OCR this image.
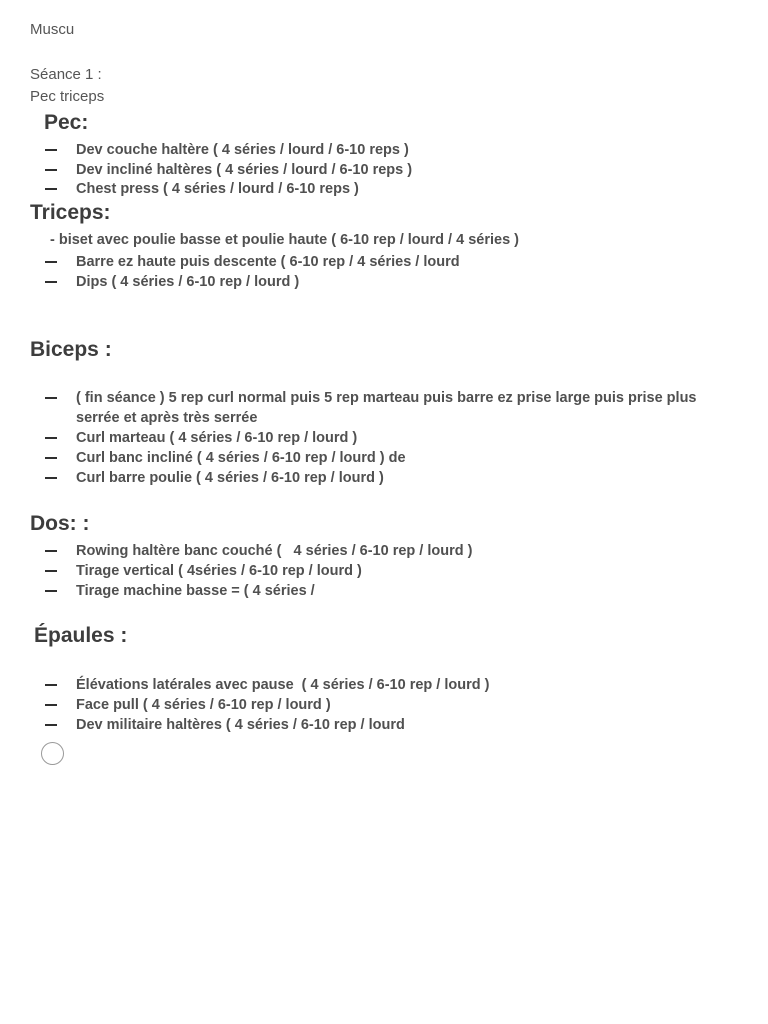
Muscu
Séance 1 :
Pec triceps
Pec:
Dev couche haltère ( 4 séries / lourd / 6-10 reps )
Dev incliné haltères ( 4 séries / lourd / 6-10 reps )
Chest press ( 4 séries / lourd / 6-10 reps )
Triceps:
- biset avec poulie basse et poulie haute ( 6-10 rep / lourd / 4 séries )
Barre ez haute puis descente ( 6-10 rep / 4 séries / lourd
Dips ( 4 séries / 6-10 rep / lourd )
Biceps :
( fin séance ) 5 rep curl normal puis 5 rep marteau puis barre ez prise large puis prise plus serrée et après très serrée
Curl marteau ( 4 séries / 6-10 rep / lourd )
Curl banc incliné ( 4 séries / 6-10 rep / lourd ) de
Curl barre poulie ( 4 séries / 6-10 rep / lourd )
Dos: :
Rowing haltère banc couché (   4 séries / 6-10 rep / lourd )
Tirage vertical ( 4séries / 6-10 rep / lourd )
Tirage machine basse = ( 4 séries /
Épaules :
Élévations latérales avec pause  ( 4 séries / 6-10 rep / lourd )
Face pull ( 4 séries / 6-10 rep / lourd )
Dev militaire haltères ( 4 séries / 6-10 rep / lourd
